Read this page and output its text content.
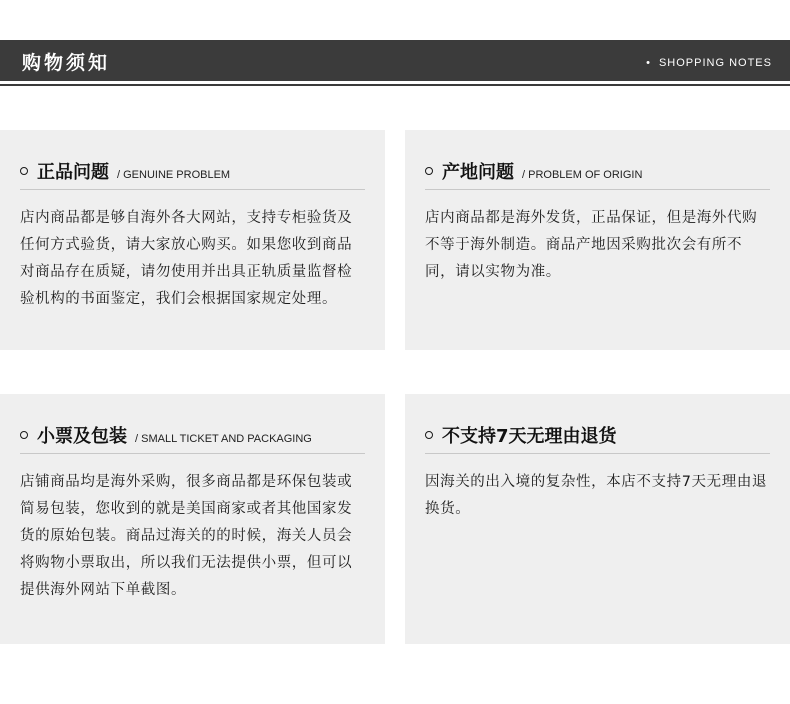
购物须知	• SHOPPING NOTES
正品问题 / GENUINE PROBLEM
店内商品都是够自海外各大网站，支持专柜验货及任何方式验货，请大家放心购买。如果您收到商品对商品存在质疑，请勿使用并出具正轨质量监督检验机构的书面鉴定，我们会根据国家规定处理。
产地问题 / PROBLEM OF ORIGIN
店内商品都是海外发货，正品保证，但是海外代购不等于海外制造。商品产地因采购批次会有所不同，请以实物为准。
小票及包装 / SMALL TICKET AND PACKAGING
店铺商品均是海外采购，很多商品都是环保包装或简易包装，您收到的就是美国商家或者其他国家发货的原始包装。商品过海关的的时候，海关人员会将购物小票取出，所以我们无法提供小票，但可以提供海外网站下单截图。
不支持7天无理由退货
因海关的出入境的复杂性，本店不支持7天无理由退换货。
